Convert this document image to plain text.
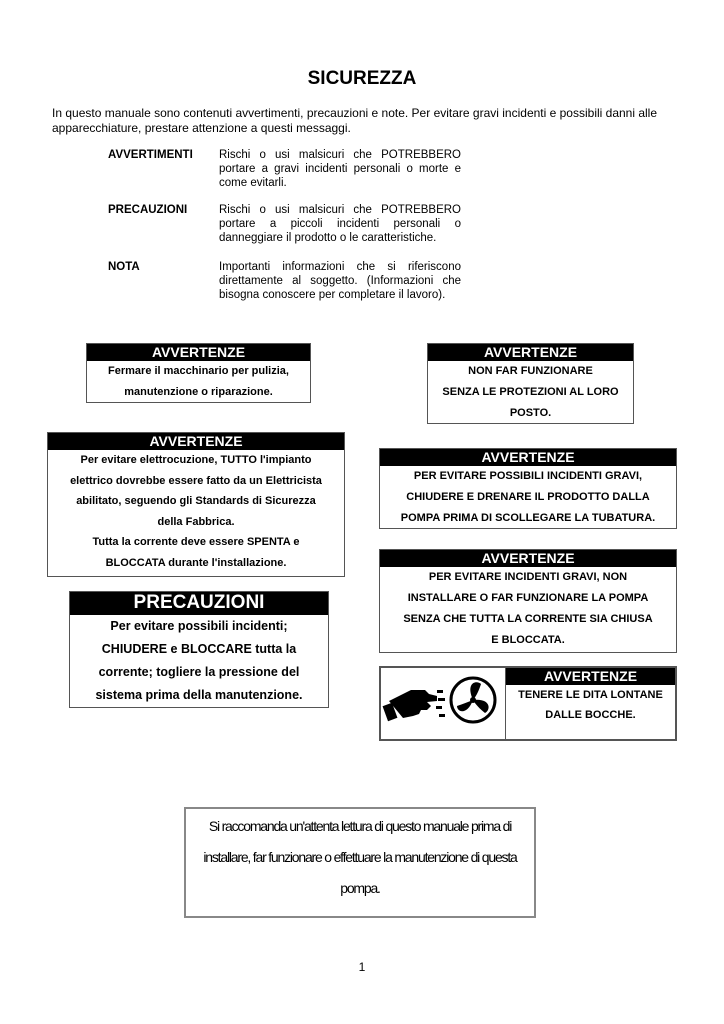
SICUREZZA
In questo manuale sono contenuti avvertimenti, precauzioni e note. Per evitare gravi incidenti e possibili danni alle apparecchiature, prestare attenzione a questi messaggi.
AVVERTIMENTI Rischi o usi malsicuri che POTREBBERO portare a gravi incidenti personali o morte e come evitarli.
PRECAUZIONI	Rischi o usi malsicuri che POTREBBERO portare a piccoli incidenti personali o danneggiare il prodotto o le caratteristiche.
NOTA	Importanti informazioni che si riferiscono direttamente al soggetto. (Informazioni che bisogna conoscere per completare il lavoro).
AVVERTENZE
Fermare il macchinario per pulizia,
manutenzione o riparazione.
AVVERTENZE
NON FAR FUNZIONARE
SENZA LE PROTEZIONI AL LORO
POSTO.
AVVERTENZE
Per evitare elettrocuzione, TUTTO l'impianto
elettrico dovrebbe essere fatto da un Elettricista
abilitato, seguendo gli Standards di Sicurezza
della Fabbrica.
Tutta la corrente deve essere SPENTA e
BLOCCATA durante l'installazione.
AVVERTENZE
PER EVITARE POSSIBILI INCIDENTI GRAVI,
CHIUDERE E DRENARE IL PRODOTTO DALLA
POMPA PRIMA DI SCOLLEGARE LA TUBATURA.
AVVERTENZE
PER EVITARE INCIDENTI GRAVI, NON
INSTALLARE O FAR FUNZIONARE LA POMPA
SENZA CHE TUTTA LA CORRENTE SIA CHIUSA
E BLOCCATA.
PRECAUZIONI
Per evitare possibili incidenti;
CHIUDERE e BLOCCARE tutta la
corrente; togliere la pressione del
sistema prima della manutenzione.
AVVERTENZE
TENERE LE DITA LONTANE
DALLE BOCCHE.
Si raccomanda un'attenta lettura di questo manuale prima di
installare, far funzionare o effettuare la manutenzione di questa
pompa.
1
